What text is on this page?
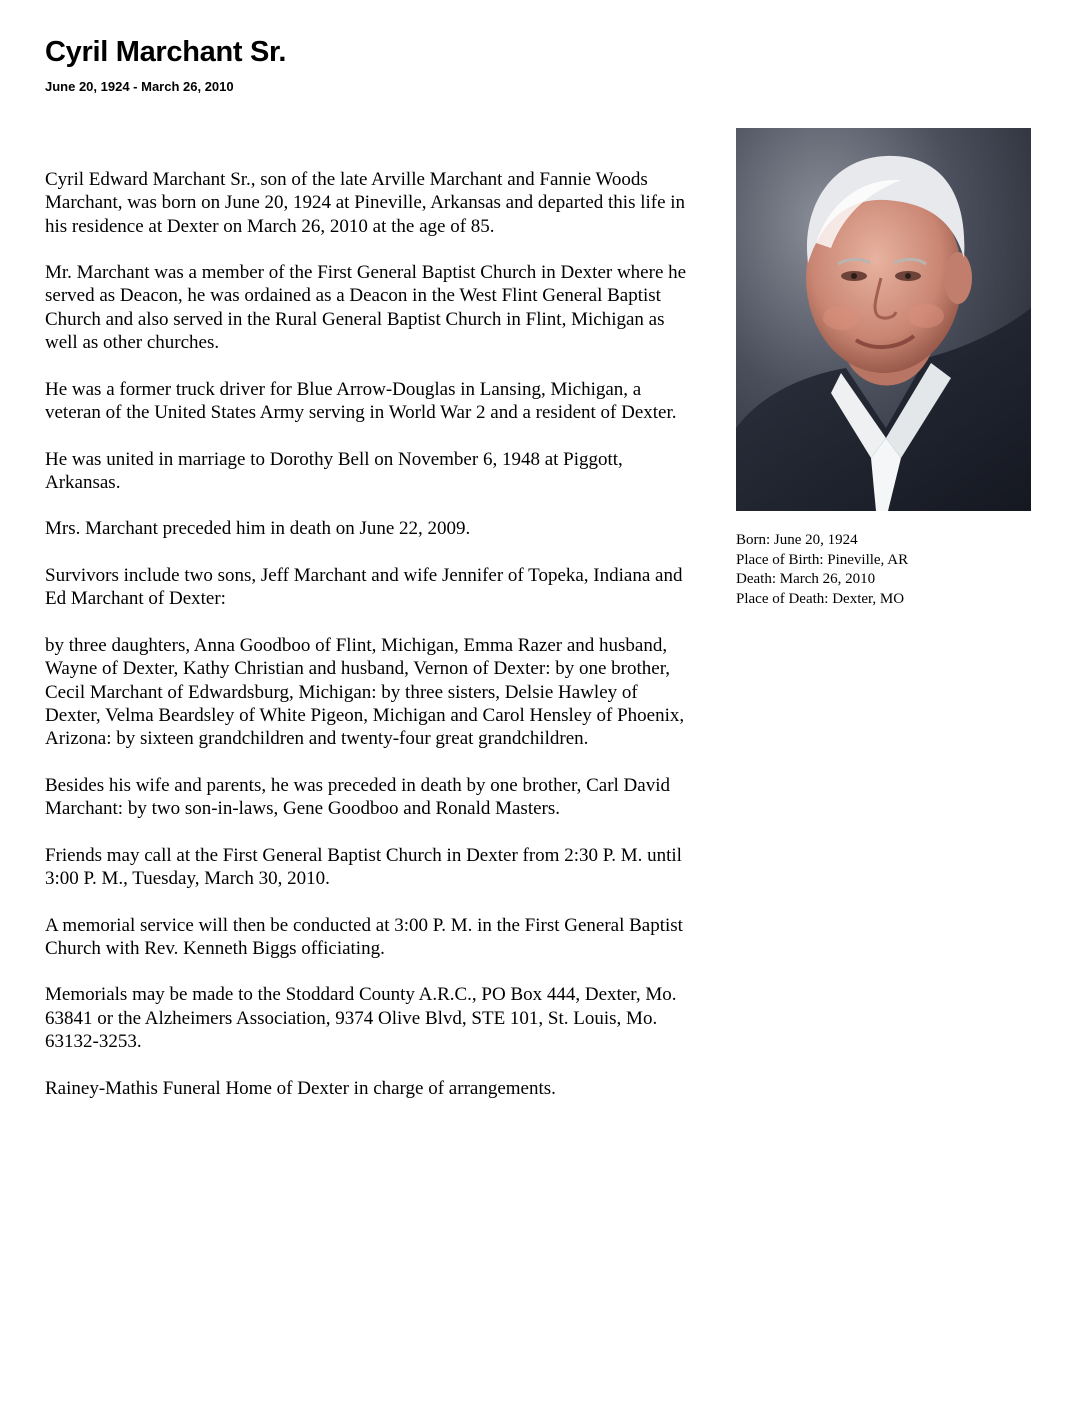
Cyril Marchant Sr.
June 20, 1924 - March 26, 2010

Cyril Edward Marchant Sr., son of the late Arville Marchant and Fannie Woods Marchant, was born on June 20, 1924 at Pineville, Arkansas and departed this life in his residence at Dexter on March 26, 2010 at the age of 85.

Mr. Marchant was a member of the First General Baptist Church in Dexter where he served as Deacon, he was ordained as a Deacon in the West Flint General Baptist Church and also served in the Rural General Baptist Church in Flint, Michigan as well as other churches.

He was a former truck driver for Blue Arrow-Douglas in Lansing, Michigan, a veteran of the United States Army serving in World War 2 and a resident of Dexter.

He was united in marriage to Dorothy Bell on November 6, 1948 at Piggott, Arkansas.

Mrs. Marchant preceded him in death on June 22, 2009.

Survivors include two sons, Jeff Marchant and wife Jennifer of Topeka, Indiana and Ed Marchant of Dexter:

by three daughters, Anna Goodboo of Flint, Michigan, Emma Razer and husband, Wayne of Dexter, Kathy Christian and husband, Vernon of Dexter: by one brother, Cecil Marchant of Edwardsburg, Michigan: by three sisters, Delsie Hawley of Dexter, Velma Beardsley of White Pigeon, Michigan and Carol Hensley of Phoenix, Arizona: by sixteen grandchildren and twenty-four great grandchildren.

Besides his wife and parents, he was preceded in death by one brother, Carl David Marchant: by two son-in-laws, Gene Goodboo and Ronald Masters.

Friends may call at the First General Baptist Church in Dexter from 2:30 P. M. until 3:00 P. M., Tuesday, March 30, 2010.

A memorial service will then be conducted at 3:00 P. M. in the First General Baptist Church with Rev. Kenneth Biggs officiating.

Memorials may be made to the Stoddard County A.R.C., PO Box 444, Dexter, Mo. 63841 or the Alzheimers Association, 9374 Olive Blvd, STE 101, St. Louis, Mo. 63132-3253.

Rainey-Mathis Funeral Home of Dexter in charge of arrangements.

Born: June 20, 1924
Place of Birth: Pineville, AR
Death: March 26, 2010
Place of Death: Dexter, MO
